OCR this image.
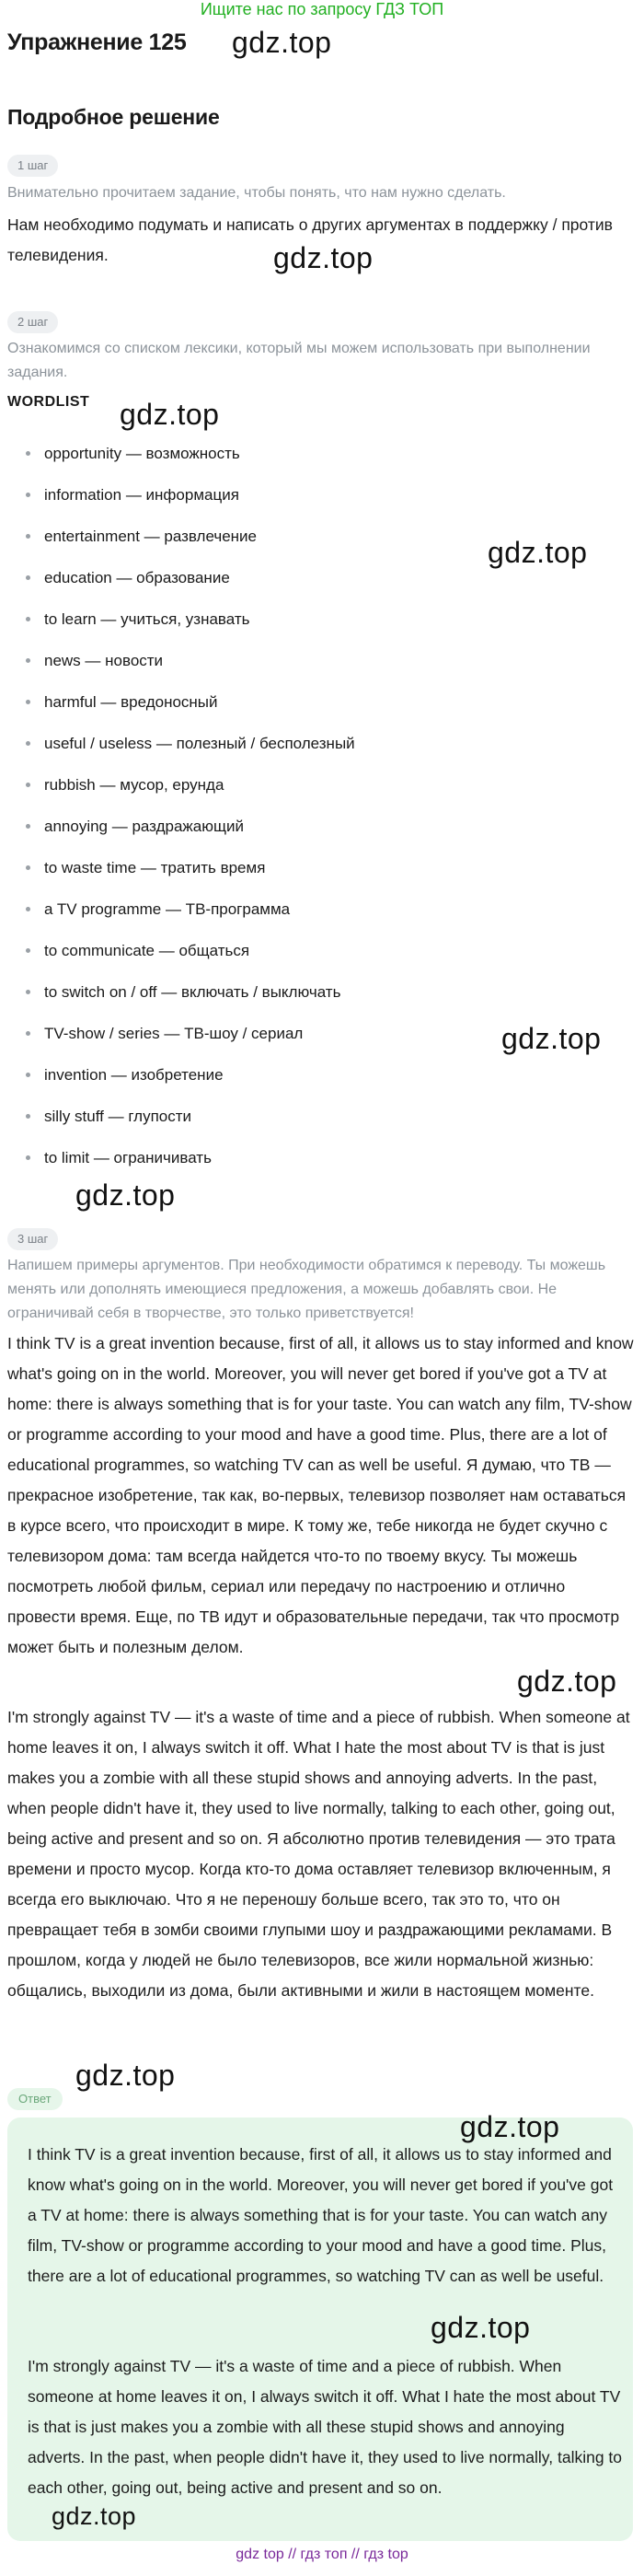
Ищите нас по запросу ГДЗ ТОП
Упражнение 125 gdz.top
Подробное решение
1 шаг
Внимательно прочитаем задание, чтобы понять, что нам нужно сделать.
Нам необходимо подумать и написать о других аргументах в поддержку / против телевидения.	gdz.top
2 шаг
Ознакомимся со списком лексики, который мы можем использовать при выполнении задания.
WORDLIST gdz.top
gdz.top
gdz.top
opportunity — возможность
information — информация
entertainment — развлечение
education — образование
to learn — учиться, узнавать
news — новости
harmful — вредоносный
useful / useless — полезный / бесполезный
rubbish — мусор, ерунда
annoying — раздражающий
to waste time — тратить время
a TV programme — ТВ-программа
to communicate — общаться
to switch on / off — включать / выключать
TV-show / series — ТВ-шоу / сериал
invention — изобретение
silly stuff — глупости
to limit — ограничивать
gdz.top
3 шаг
Напишем примеры аргументов. При необходимости обратимся к переводу. Ты можешь менять или дополнять имеющиеся предложения, а можешь добавлять свои. Не ограничивай себя в творчестве, это только приветствуется!
I think TV is a great invention because, first of all, it allows us to stay informed and know what's going on in the world. Moreover, you will never get bored if you've got a TV at home: there is always something that is for your taste. You can watch any film, TV-show or programme according to your mood and have a good time. Plus, there are a lot of educational programmes, so watching TV can as well be useful. Я думаю, что ТВ — прекрасное изобретение, так как, во-первых, телевизор позволяет нам оставаться в курсе всего, что происходит в мире. К тому же, тебе никогда не будет скучно с телевизором дома: там всегда найдется что-то по твоему вкусу. Ты можешь посмотреть любой фильм, сериал или передачу по настроению и отлично провести время. Еще, по ТВ идут и образовательные передачи, так что просмотр может быть и полезным делом.
gdz.top
I'm strongly against TV — it's a waste of time and a piece of rubbish. When someone at home leaves it on, I always switch it off. What I hate the most about TV is that is just makes you a zombie with all these stupid shows and annoying adverts. In the past, when people didn't have it, they used to live normally, talking to each other, going out, being active and present and so on. Я абсолютно против телевидения — это трата времени и просто мусор. Когда кто-то дома оставляет телевизор включенным, я всегда его выключаю. Что я не переношу больше всего, так это то, что он превращает тебя в зомби своими глупыми шоу и раздражающими рекламами. В прошлом, когда у людей не было телевизоров, все жили нормальной жизнью: общались, выходили из дома, были активными и жили в настоящем моменте.
Ответ
gdz.top
gdz.top
I think TV is a great invention because, first of all, it allows us to stay informed and know what's going on in the world. Moreover, you will never get bored if you've got a TV at home: there is always something that is for your taste. You can watch any film, TV-show or programme according to your mood and have a good time. Plus, there are a lot of educational programmes, so watching TV can as well be useful.
gdz.top
I'm strongly against TV — it's a waste of time and a piece of rubbish. When someone at home leaves it on, I always switch it off. What I hate the most about TV is that is just makes you a zombie with all these stupid shows and annoying adverts. In the past, when people didn't have it, they used to live normally, talking to each other, going out, being active and present and so on.
gdz.top
gdz top // гдз топ // гдз top
